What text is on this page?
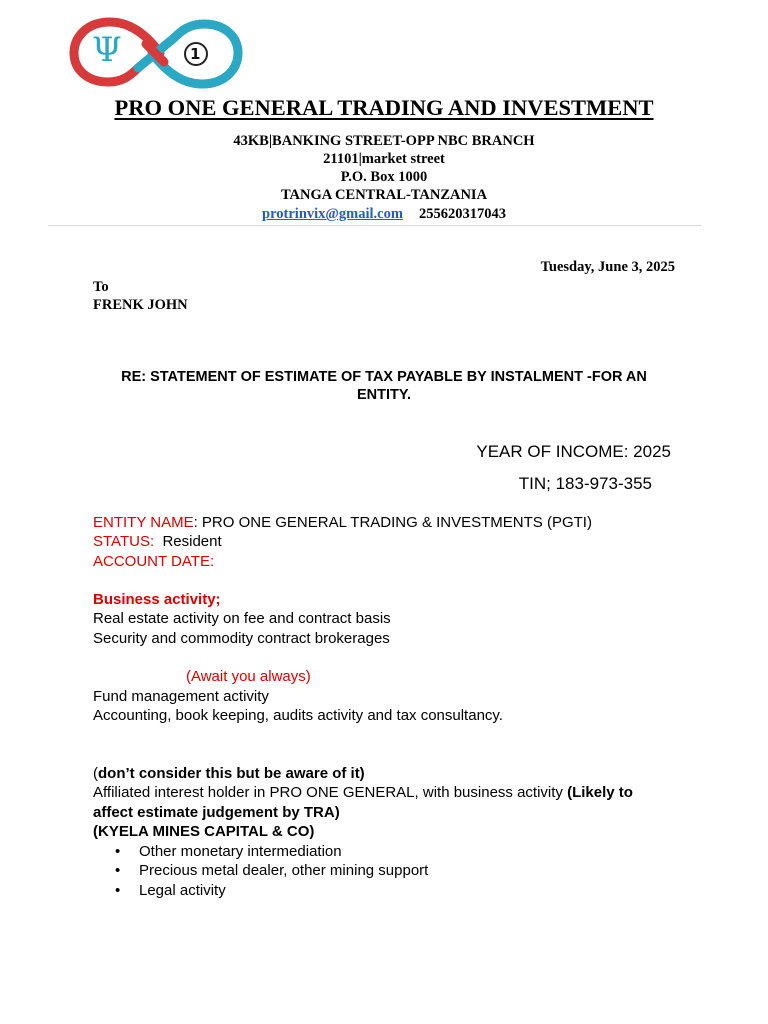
Ψ	1
PRO ONE GENERAL TRADING AND INVESTMENT
43KB|BANKING STREET-OPP NBC BRANCH
21101|market street
P.O. Box 1000
TANGA CENTRAL-TANZANIA
protrinvix@gmail.com 255620317043
Tuesday, June 3, 2025
To
FRENK JOHN
RE: STATEMENT OF ESTIMATE OF TAX PAYABLE BY INSTALMENT -FOR AN ENTITY.
YEAR OF INCOME: 2025
TIN; 183-973-355
ENTITY NAME: PRO ONE GENERAL TRADING & INVESTMENTS (PGTI)
STATUS:  Resident
ACCOUNT DATE:
Business activity;
Real estate activity on fee and contract basis
Security and commodity contract brokerages
(Await you always)
Fund management activity
Accounting, book keeping, audits activity and tax consultancy.
(don’t consider this but be aware of it)
Affiliated interest holder in PRO ONE GENERAL, with business activity (Likely to affect estimate judgement by TRA)
(KYELA MINES CAPITAL & CO)
• Other monetary intermediation
• Precious metal dealer, other mining support
• Legal activity
